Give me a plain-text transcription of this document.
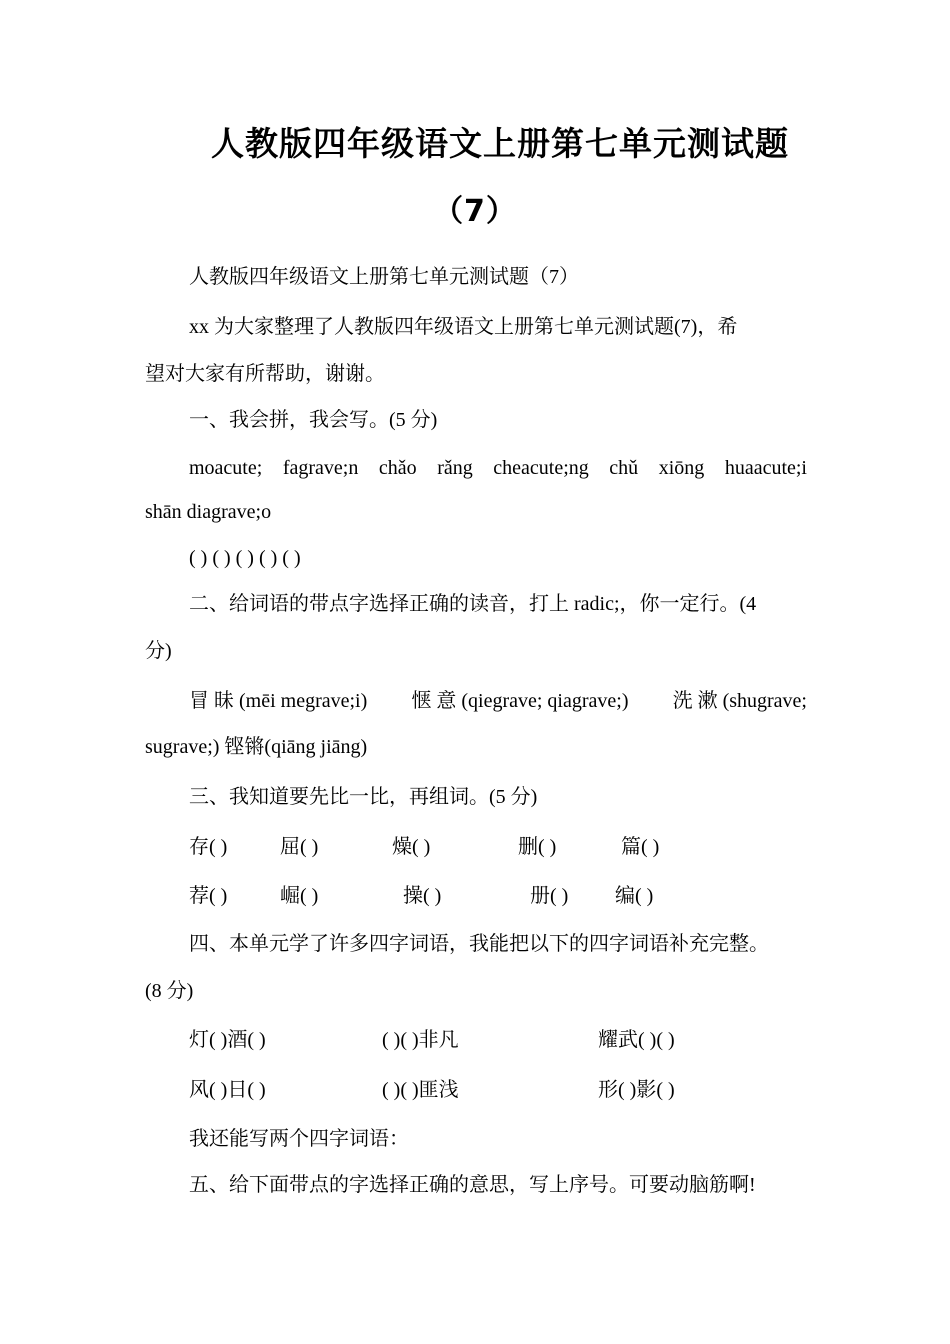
人教版四年级语文上册第七单元测试题
（7）
人教版四年级语文上册第七单元测试题（7）
xx 为大家整理了人教版四年级语文上册第七单元测试题(7)，希
望对大家有所帮助，谢谢。
一、我会拼，我会写。(5 分)
moacute; fagrave;n chǎo rǎng cheacute;ng chǔ xiōng huaacute;i
shān diagrave;o
( ) ( ) ( ) ( ) ( )
二、给词语的带点字选择正确的读音，打上 radic;，你一定行。(4
分)
冒 昧 (mēi megrave;i) 惬 意 (qiegrave; qiagrave;) 洗 漱 (shugrave;
sugrave;) 铿锵(qiāng jiāng)
三、我知道要先比一比，再组词。(5 分)
存( )	屈( )	燥( )	删( )	篇( )
荐( )	崛( )	操( )	册( ) 编( )
四、本单元学了许多四字词语，我能把以下的四字词语补充完整。
(8 分)
灯( )酒( )	( )( )非凡	耀武( )( )
风( )日( )	( )( )匪浅	形( )影( )
我还能写两个四字词语：
五、给下面带点的字选择正确的意思，写上序号。可要动脑筋啊!
